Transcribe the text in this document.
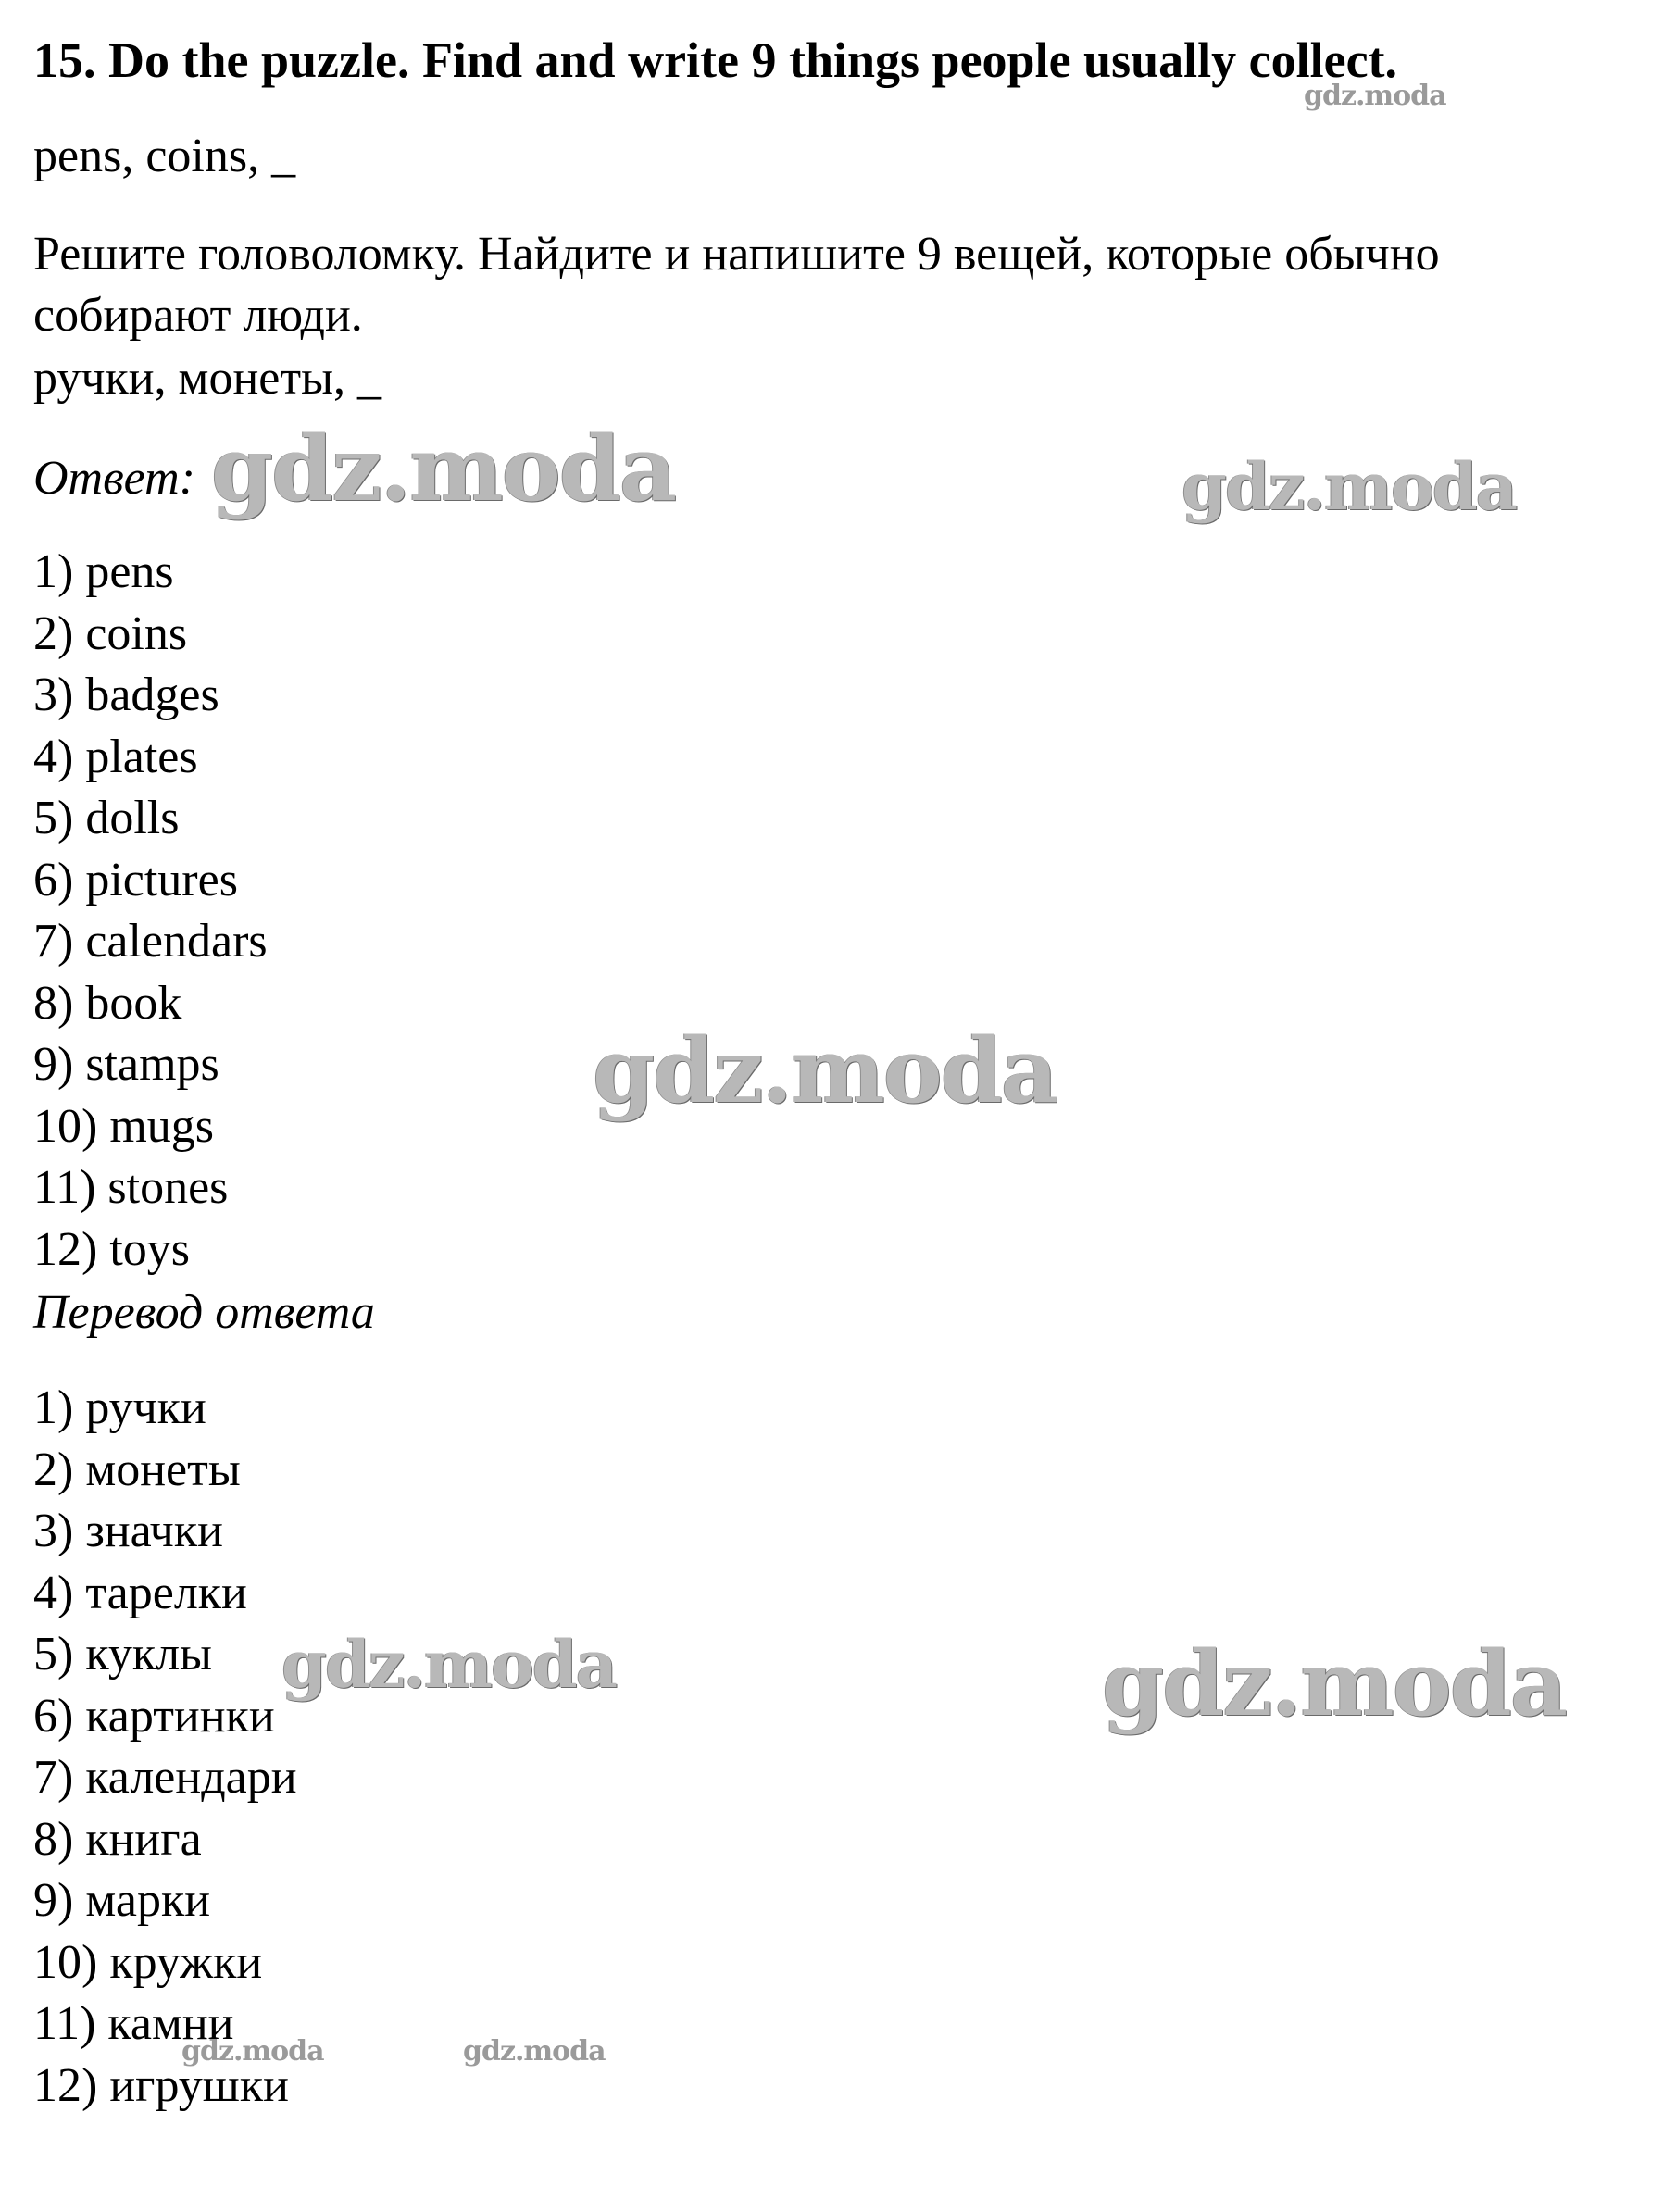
15. Do the puzzle. Find and write 9 things people usually collect.
pens, coins, _
Решите головоломку. Найдите и напишите 9 вещей, которые обычно собирают люди.
ручки, монеты, _
Ответ:
1) pens
2) coins
3) badges
4) plates
5) dolls
6) pictures
7) calendars
8) book
9) stamps
10) mugs
11) stones
12) toys
Перевод ответа
1) ручки
2) монеты
3) значки
4) тарелки
5) куклы
6) картинки
7) календари
8) книга
9) марки
10) кружки
11) камни
12) игрушки
gdz.moda
gdz.moda	gdz.moda
gdz.moda
gdz.moda	gdz.moda
gdz.moda	gdz.moda
